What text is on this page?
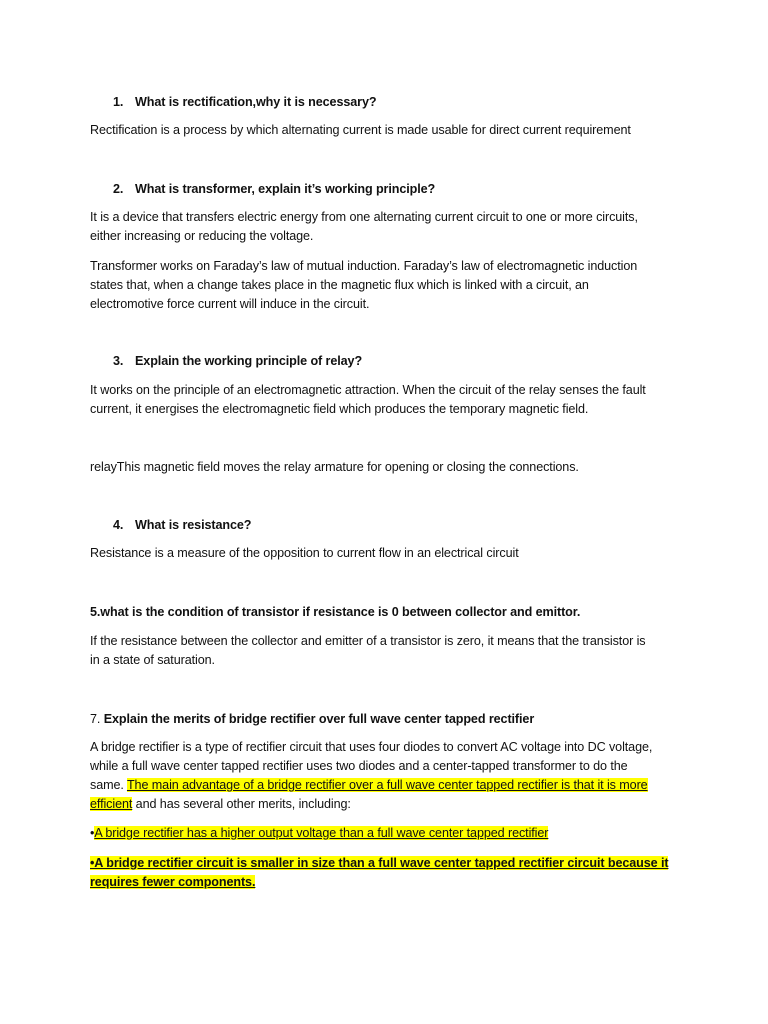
1. What is rectification,why it is necessary?
Rectification is a process by which alternating current is made usable for direct current requirement
2. What is transformer, explain it’s working principle?
It is a device that transfers electric energy from one alternating current circuit to one or more circuits,
either increasing or reducing the voltage.
Transformer works on Faraday’s law of mutual induction. Faraday’s law of electromagnetic induction
states that, when a change takes place in the magnetic flux which is linked with a circuit, an
electromotive force current will induce in the circuit.
3. Explain the working principle of relay?
It works on the principle of an electromagnetic attraction. When the circuit of the relay senses the fault
current, it energises the electromagnetic field which produces the temporary magnetic field.
relayThis magnetic field moves the relay armature for opening or closing the connections.
4. What is resistance?
Resistance is a measure of the opposition to current flow in an electrical circuit
5.what is the condition of transistor if resistance is 0 between collector and emittor.
If the resistance between the collector and emitter of a transistor is zero, it means that the transistor is
in a state of saturation.
7. Explain the merits of bridge rectifier over full wave center tapped rectifier
A bridge rectifier is a type of rectifier circuit that uses four diodes to convert AC voltage into DC voltage,
while a full wave center tapped rectifier uses two diodes and a center-tapped transformer to do the
same. The main advantage of a bridge rectifier over a full wave center tapped rectifier is that it is more
efficient and has several other merits, including:
•A bridge rectifier has a higher output voltage than a full wave center tapped rectifier
•A bridge rectifier circuit is smaller in size than a full wave center tapped rectifier circuit because it
requires fewer components.
